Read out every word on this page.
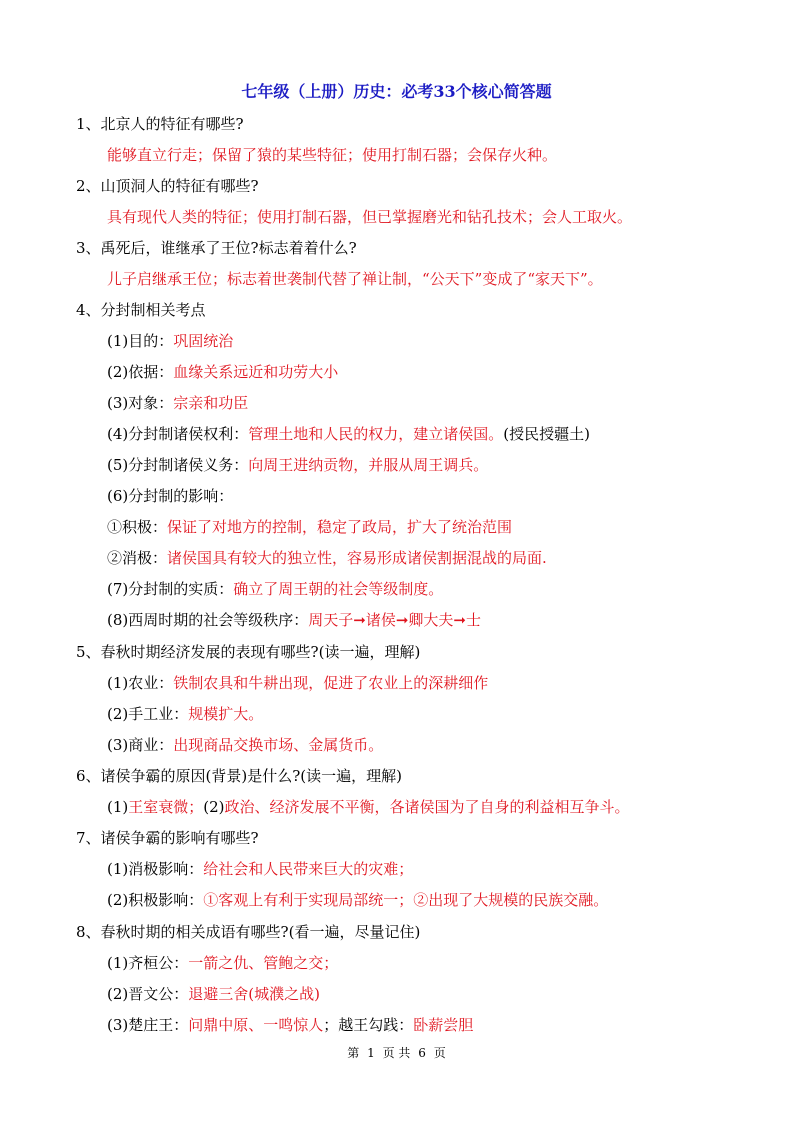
七年级（上册）历史：必考33个核心简答题
1、北京人的特征有哪些?
能够直立行走；保留了猿的某些特征；使用打制石器；会保存火种。
2、山顶洞人的特征有哪些?
具有现代人类的特征；使用打制石器，但已掌握磨光和钻孔技术；会人工取火。
3、禹死后，谁继承了王位?标志着着什么?
儿子启继承王位；标志着世袭制代替了禅让制，“公天下”变成了“家天下”。
4、分封制相关考点
(1)目的：巩固统治
(2)依据：血缘关系远近和功劳大小
(3)对象：宗亲和功臣
(4)分封制诸侯权利：管理土地和人民的权力，建立诸侯国。(授民授疆土)
(5)分封制诸侯义务：向周王进纳贡物，并服从周王调兵。
(6)分封制的影响：
①积极：保证了对地方的控制，稳定了政局，扩大了统治范围
②消极：诸侯国具有较大的独立性，容易形成诸侯割据混战的局面.
(7)分封制的实质：确立了周王朝的社会等级制度。
(8)西周时期的社会等级秩序：周天子➞诸侯➞卿大夫➞士
5、春秋时期经济发展的表现有哪些?(读一遍，理解)
(1)农业：铁制农具和牛耕出现，促进了农业上的深耕细作
(2)手工业：规模扩大。
(3)商业：出现商品交换市场、金属货币。
6、诸侯争霸的原因(背景)是什么?(读一遍，理解)
(1)王室衰微；(2)政治、经济发展不平衡，各诸侯国为了自身的利益相互争斗。
7、诸侯争霸的影响有哪些?
(1)消极影响：给社会和人民带来巨大的灾难；
(2)积极影响：①客观上有利于实现局部统一；②出现了大规模的民族交融。
8、春秋时期的相关成语有哪些?(看一遍，尽量记住)
(1)齐桓公：一箭之仇、管鲍之交；
(2)晋文公：退避三舍(城濮之战)
(3)楚庄王：问鼎中原、一鸣惊人；越王勾践：卧薪尝胆
第 1 页 共 6 页
